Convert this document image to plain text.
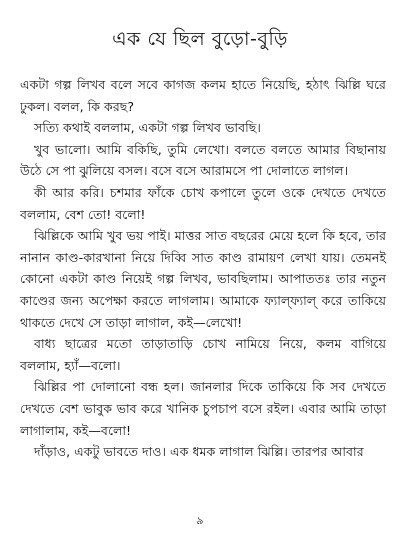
এক যে ছিল বুড়ো-বুড়ি

একটা গল্প লিখব বলে সবে কাগজ কলম হাতে নিয়েছি, হঠাৎ ঝিল্লি ঘরে ঢুকল। বলল, কি করছ?

সত্যি কথাই বললাম, একটা গল্প লিখব ভাবছি।

খুব ভালো। আমি বকিছি, তুমি লেখো। বলতে বলতে আমার বিছানায় উঠে সে পা ঝুলিয়ে বসল। বসে বসে আরামসে পা দোলাতে লাগল।

কী আর করি। চশমার ফাঁকে চোখ কপালে তুলে ওকে দেখতে দেখতে বললাম, বেশ তো! বলো!

ঝিল্লিকে আমি খুব ভয় পাই। মাত্তর সাত বছরের মেয়ে হলে কি হবে, তার নানান কাণ্ড-কারখানা নিয়ে দিব্বি সাত কাণ্ড রামায়ণ লেখা যায়। তেমনই কোনো একটা কাণ্ড নিয়েই গল্প লিখব, ভাবছিলাম। আপাততঃ তার নতুন কাণ্ডের জন্য অপেক্ষা করতে লাগলাম। আমাকে ফ্যাল্‌ফ্যাল্‌ করে তাকিয়ে থাকতে দেখে সে তাড়া লাগাল, কই—লেখো!

বাধ্য ছাত্রের মতো তাড়াতাড়ি চোখ নামিয়ে নিয়ে, কলম বাগিয়ে বললাম, হ্যাঁ—বলো।

ঝিল্লির পা দোলানো বন্ধ হল। জানলার দিকে তাকিয়ে কি সব দেখতে দেখতে বেশ ভাবুক ভাব করে খানিক চুপচাপ বসে রইল। এবার আমি তাড়া লাগালাম, কই—বলো!

দাঁড়াও, একটু ভাবতে দাও। এক ধমক লাগাল ঝিল্লি। তারপর আবার

৯
